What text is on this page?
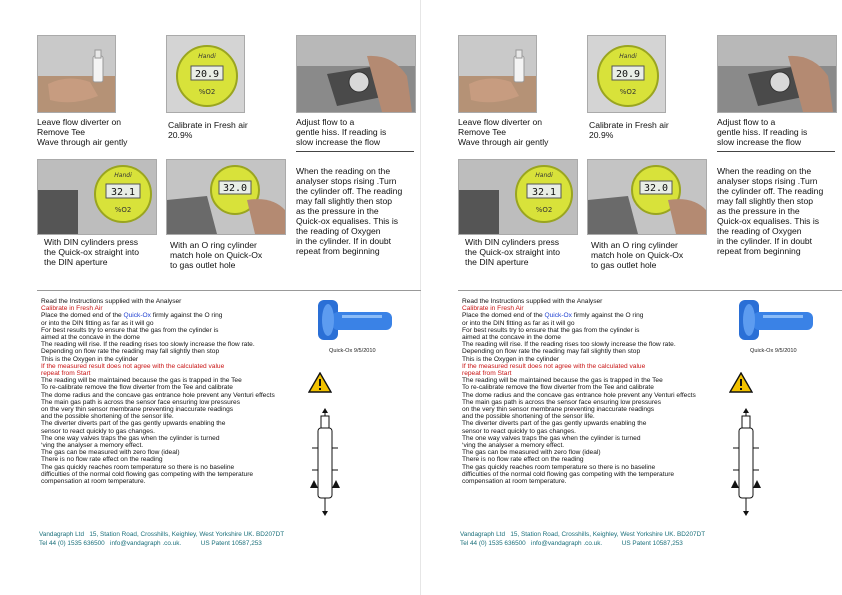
20.9
Handi
%O2
Leave flow diverter on
Remove Tee
Wave through air gently
Calibrate in Fresh air
20.9%
Adjust flow to a
gentle hiss. If reading is
slow increase the flow
32.1
Handi
%O2
32.0
When the reading on the
analyser stops rising .Turn
the cylinder off. The reading
may fall slightly then stop
as the pressure in the
Quick-ox equalises. This is
the reading of Oxygen
in the cylinder. If in doubt
repeat from beginning
With DIN cylinders press
the Quick-ox straight into
the DIN aperture
With an O ring cylinder
match hole on Quick-Ox
to gas outlet hole
Read the Instructions supplied with the Analyser
Calibrate in Fresh Air
Place the domed end of the Quick-Ox firmly against the O ring
or into the DIN fitting as far as it will go
For best results try to ensure that the gas from the cylinder is
aimed at the concave in the dome
The reading will rise. If the reading rises too slowly increase the flow rate.
Depending on flow rate the reading may fall slightly then stop
This is the Oxygen in the cylinder
If the measured result does not agree with the calculated value
repeat from Start
The reading will be maintained because the gas is trapped in the Tee
To re-calibrate remove the flow diverter from the Tee and calibrate
The dome radius and the concave gas entrance hole prevent any Venturi effects
The main gas path is across the sensor face ensuring low pressures
on the very thin sensor membrane preventing inaccurate readings
and the possible shortening of the sensor life.
The diverter diverts part of the gas gently upwards enabling the
sensor to react quickly to gas changes.
The one way valves traps the gas when the cylinder is turned
‘ving the analyser a memory effect.
The gas can be measured with zero flow (ideal)
There is no flow rate effect on the reading
The gas quickly reaches room temperature so there is no baseline
difficulties of the normal cold flowing gas competing with the temperature
compensation at room temperature.
Quick-Ox 9/5/2010
Vandagraph Ltd   15, Station Road, Crosshills, Keighley, West Yorkshire UK. BD207DT
Tel 44 (0) 1535 636500   info@vandagraph .co.uk.           US Patent 10587,253
20.9
Handi
%O2
Leave flow diverter on
Remove Tee
Wave through air gently
Calibrate in Fresh air
20.9%
Adjust flow to a
gentle hiss. If reading is
slow increase the flow
32.1
Handi
%O2
32.0
When the reading on the
analyser stops rising .Turn
the cylinder off. The reading
may fall slightly then stop
as the pressure in the
Quick-ox equalises. This is
the reading of Oxygen
in the cylinder. If in doubt
repeat from beginning
With DIN cylinders press
the Quick-ox straight into
the DIN aperture
With an O ring cylinder
match hole on Quick-Ox
to gas outlet hole
Read the Instructions supplied with the Analyser
Calibrate in Fresh Air
Place the domed end of the Quick-Ox firmly against the O ring
or into the DIN fitting as far as it will go
For best results try to ensure that the gas from the cylinder is
aimed at the concave in the dome
The reading will rise. If the reading rises too slowly increase the flow rate.
Depending on flow rate the reading may fall slightly then stop
This is the Oxygen in the cylinder
If the measured result does not agree with the calculated value
repeat from Start
The reading will be maintained because the gas is trapped in the Tee
To re-calibrate remove the flow diverter from the Tee and calibrate
The dome radius and the concave gas entrance hole prevent any Venturi effects
The main gas path is across the sensor face ensuring low pressures
on the very thin sensor membrane preventing inaccurate readings
and the possible shortening of the sensor life.
The diverter diverts part of the gas gently upwards enabling the
sensor to react quickly to gas changes.
The one way valves traps the gas when the cylinder is turned
‘ving the analyser a memory effect.
The gas can be measured with zero flow (ideal)
There is no flow rate effect on the reading
The gas quickly reaches room temperature so there is no baseline
difficulties of the normal cold flowing gas competing with the temperature
compensation at room temperature.
Quick-Ox 9/5/2010
Vandagraph Ltd   15, Station Road, Crosshills, Keighley, West Yorkshire UK. BD207DT
Tel 44 (0) 1535 636500   info@vandagraph .co.uk.           US Patent 10587,253
